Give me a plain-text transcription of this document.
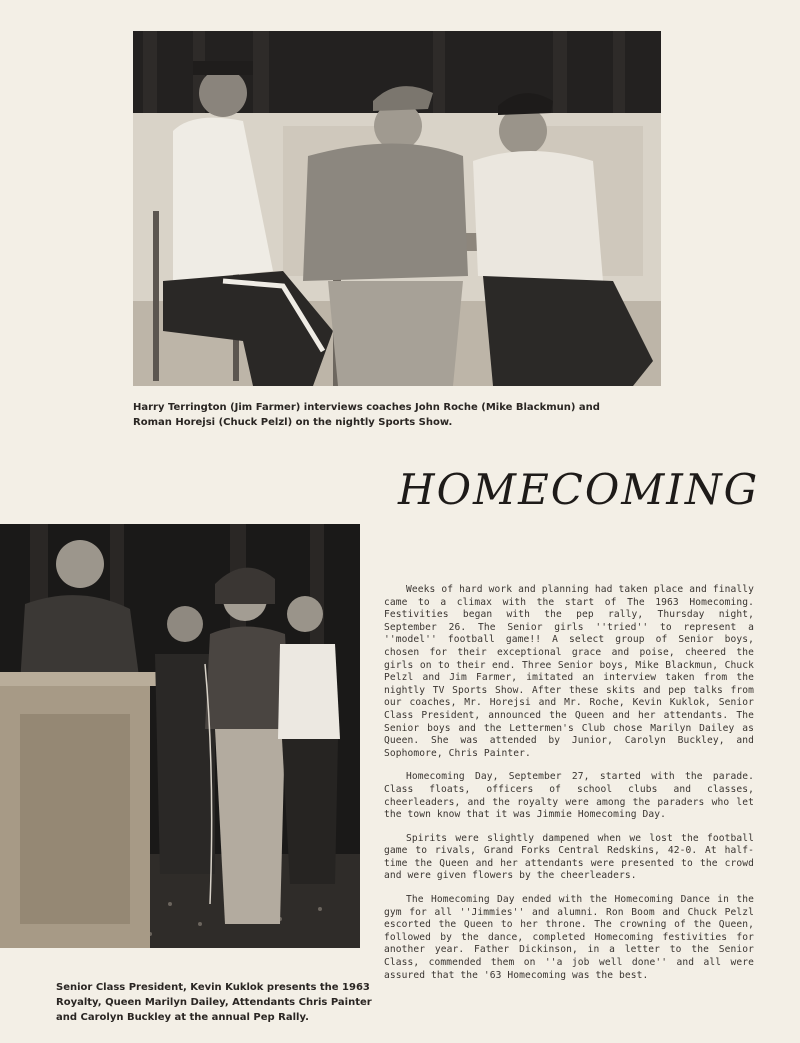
Harry Terrington (Jim Farmer) interviews coaches John Roche (Mike Blackmun) and Roman Horejsi (Chuck Pelzl) on the nightly Sports Show.

HOMECOMING

Weeks of hard work and planning had taken place and finally came to a climax with the start of The 1963 Homecoming. Festivities began with the pep rally, Thursday night, September 26. The Senior girls ''tried'' to represent a ''model'' football game!! A select group of Senior boys, chosen for their exceptional grace and poise, cheered the girls on to their end. Three Senior boys, Mike Blackmun, Chuck Pelzl and Jim Farmer, imitated an interview taken from the nightly TV Sports Show. After these skits and pep talks from our coaches, Mr. Horejsi and Mr. Roche, Kevin Kuklok, Senior Class President, announced the Queen and her attendants. The Senior boys and the Lettermen's Club chose Marilyn Dailey as Queen. She was attended by Junior, Carolyn Buckley, and Sophomore, Chris Painter.

Homecoming Day, September 27, started with the parade. Class floats, officers of school clubs and classes, cheerleaders, and the royalty were among the paraders who let the town know that it was Jimmie Homecoming Day.

Spirits were slightly dampened when we lost the football game to rivals, Grand Forks Central Redskins, 42-0. At half-time the Queen and her attendants were presented to the crowd and were given flowers by the cheerleaders.

The Homecoming Day ended with the Homecoming Dance in the gym for all ''Jimmies'' and alumni. Ron Boom and Chuck Pelzl escorted the Queen to her throne. The crowning of the Queen, followed by the dance, completed Homecoming festivities for another year. Father Dickinson, in a letter to the Senior Class, commended them on ''a job well done'' and all were assured that the '63 Homecoming was the best.

Senior Class President, Kevin Kuklok presents the 1963 Royalty, Queen Marilyn Dailey, Attendants Chris Painter and Carolyn Buckley at the annual Pep Rally.
